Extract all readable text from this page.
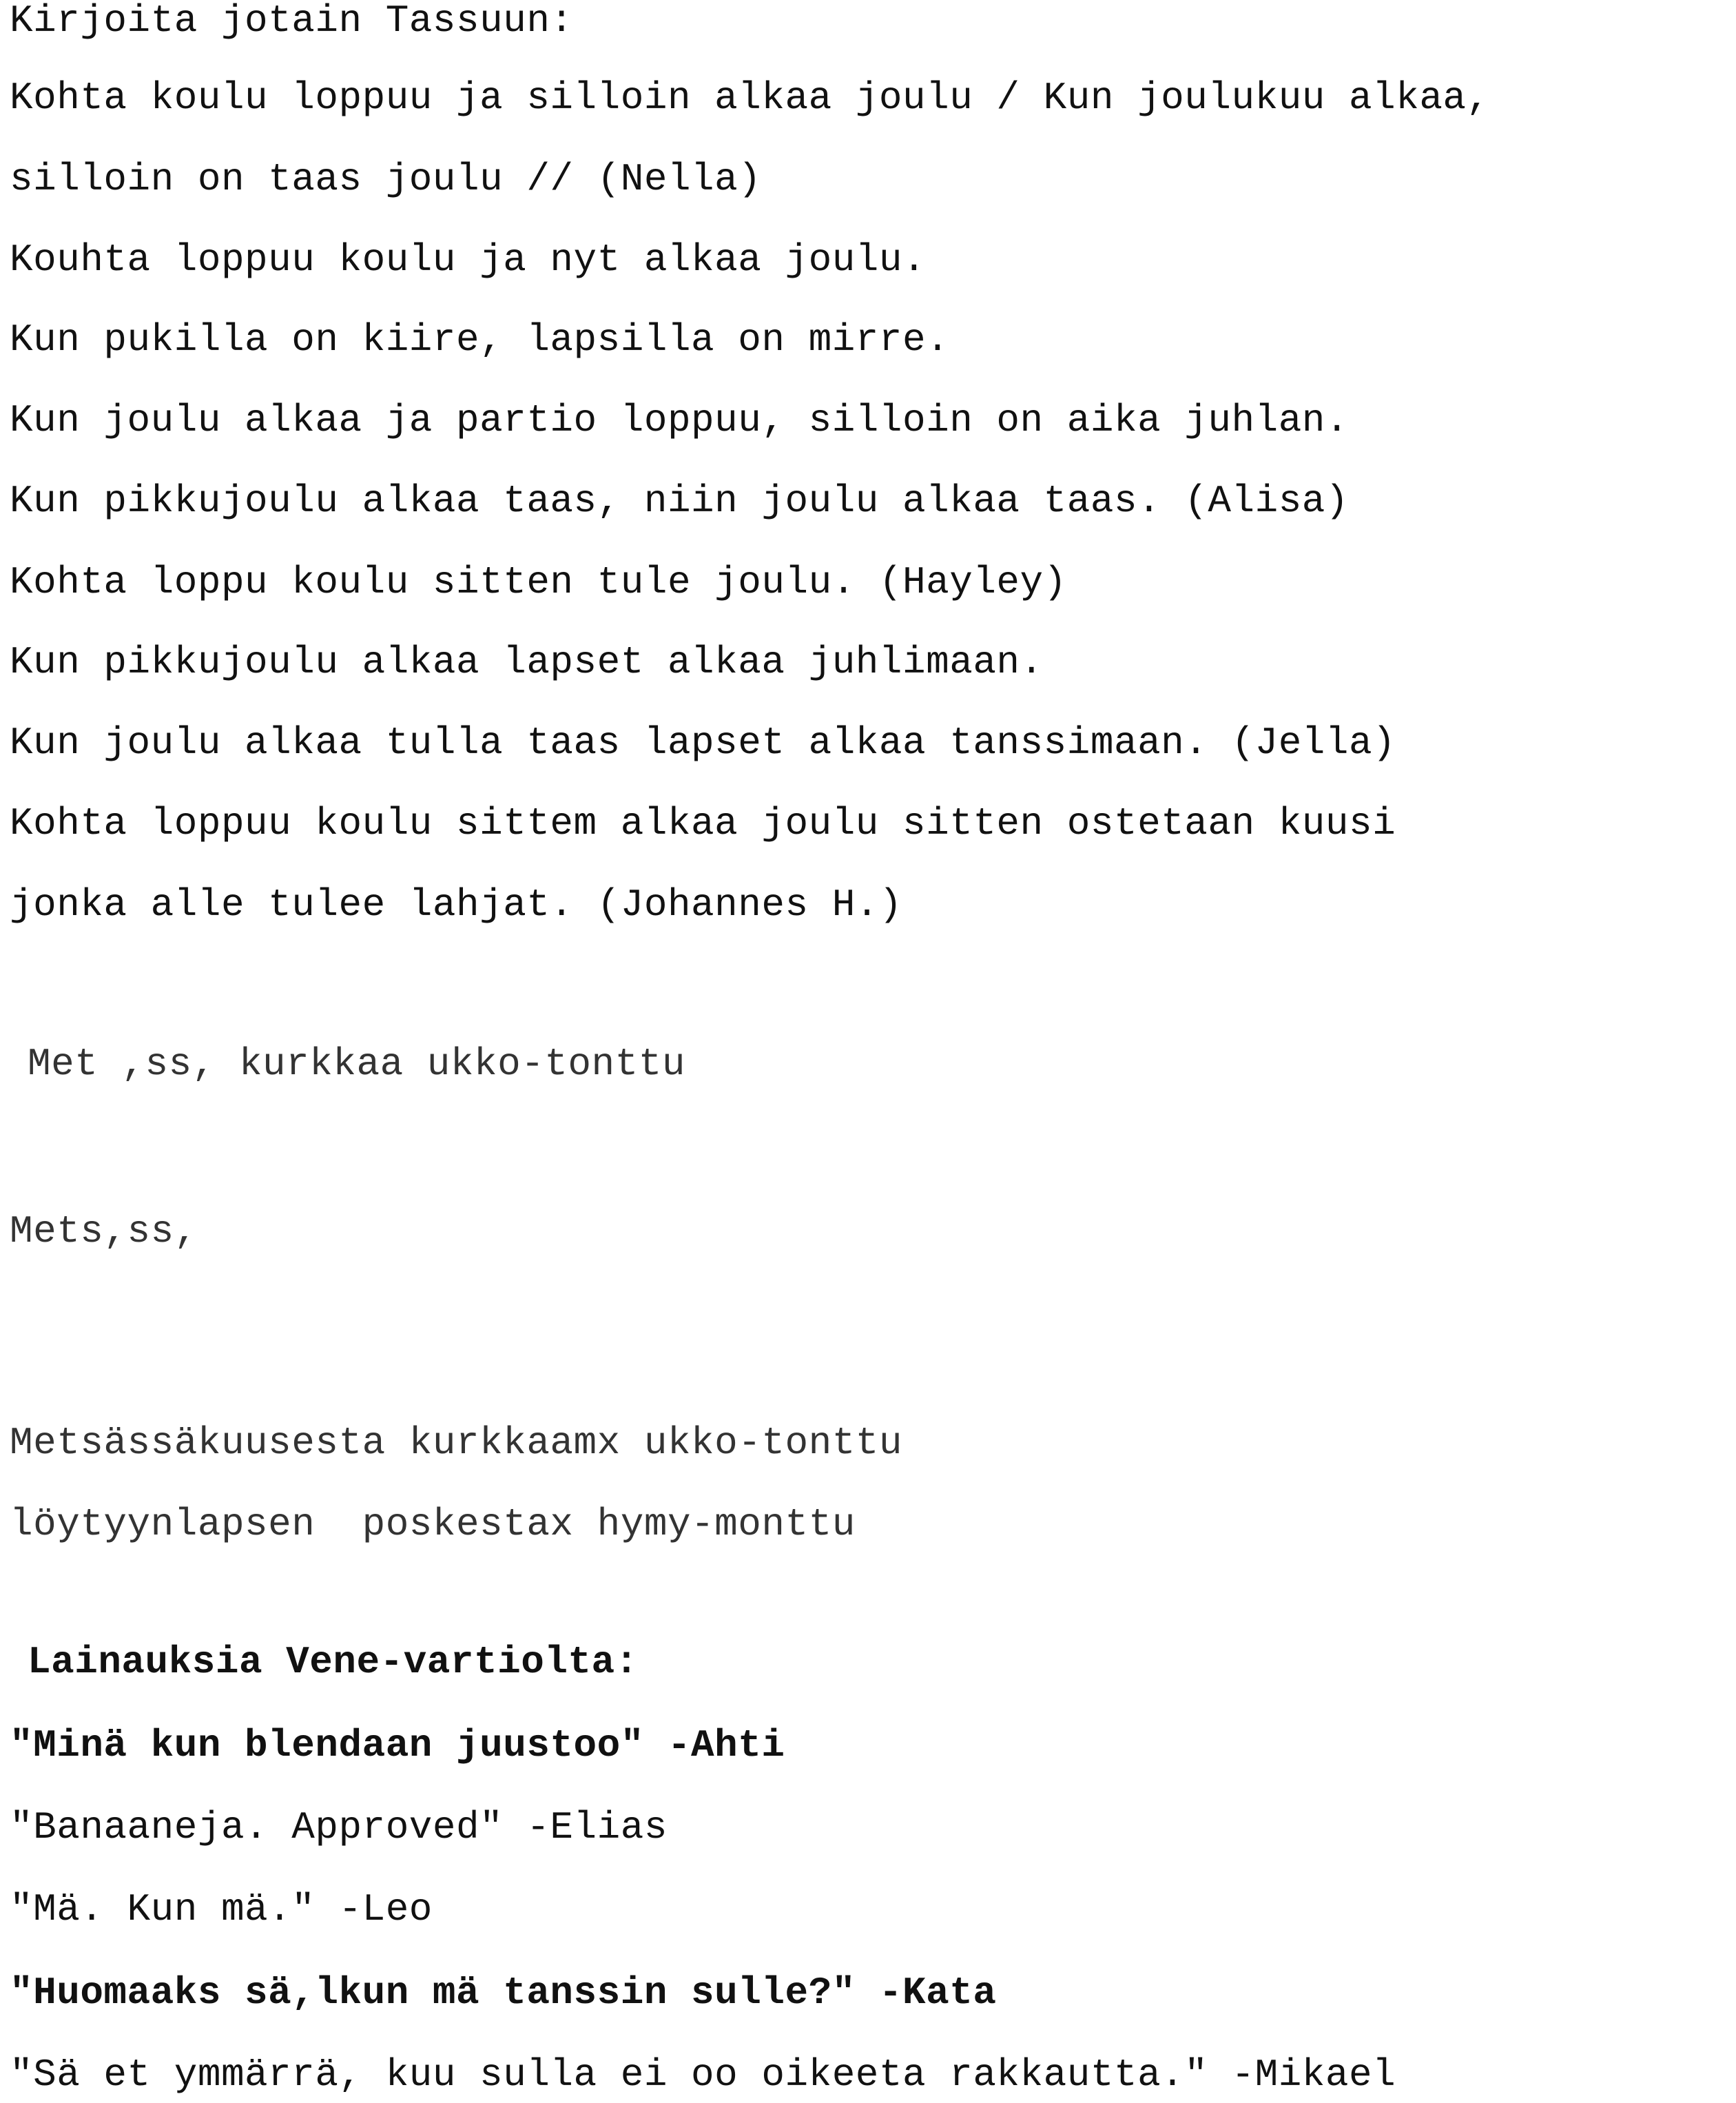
Kirjoita jotain Tassuun:
Kohta koulu loppuu ja silloin alkaa joulu / Kun joulukuu alkaa,
silloin on taas joulu // (Nella)
Kouhta loppuu koulu ja nyt alkaa joulu.
Kun pukilla on kiire, lapsilla on mirre.
Kun joulu alkaa ja partio loppuu, silloin on aika juhlan.
Kun pikkujoulu alkaa taas, niin joulu alkaa taas. (Alisa)
Kohta loppu koulu sitten tule joulu. (Hayley)
Kun pikkujoulu alkaa lapset alkaa juhlimaan.
Kun joulu alkaa tulla taas lapset alkaa tanssimaan. (Jella)
Kohta loppuu koulu sittem alkaa joulu sitten ostetaan kuusi
jonka alle tulee lahjat. (Johannes H.)
Met ,ss, kurkkaa ukko-tonttu
Mets,ss,
Metsässäkuusesta kurkkaamx ukko-tonttu
löytyynlapsen  poskestax hymy-monttu
Lainauksia Vene-vartiolta:
"Minä kun blendaan juustoo" -Ahti
"Banaaneja. Approved" -Elias
"Mä. Kun mä." -Leo
"Huomaaks sä,lkun mä tanssin sulle?" -Kata
"Sä et ymmärrä, kuu sulla ei oo oikeeta rakkautta." -Mikael
